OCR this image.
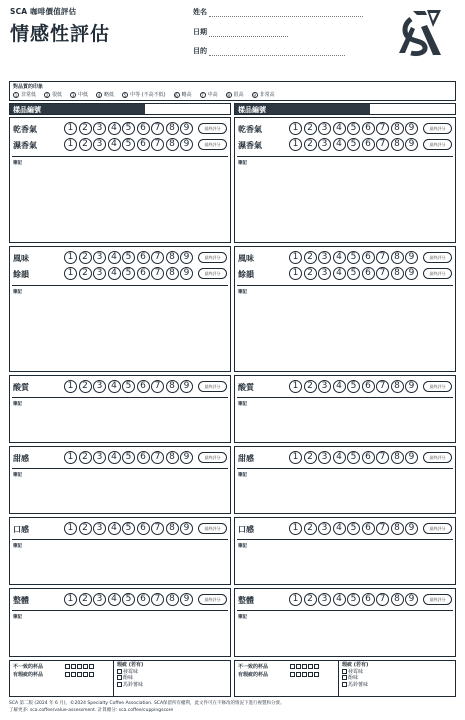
SCA 咖啡價值評估
情感性評估
姓名
日期
目的
對品質的印象
1 非常低	2 很低	3 中低	4 略低	5 中等 (不高不低)	6 略高	7 中高	8 很高	9 非常高
樣品編號
乾香氣	1 2 3 4 5 6 7 8 9	最終評分
濕香氣	1 2 3 4 5 6 7 8 9	最終評分
筆記
風味	1 2 3 4 5 6 7 8 9	最終評分
餘韻	1 2 3 4 5 6 7 8 9	最終評分
筆記
酸質	1 2 3 4 5 6 7 8 9	最終評分
筆記
甜感	1 2 3 4 5 6 7 8 9	最終評分
筆記
口感	1 2 3 4 5 6 7 8 9	最終評分
筆記
整體	1 2 3 4 5 6 7 8 9	最終評分
筆記
不一致的杯品
有瑕疵的杯品
瑕疵 (若有)
發霉味
酚味
馬鈴薯味
樣品編號
乾香氣	1 2 3 4 5 6 7 8 9	最終評分
濕香氣	1 2 3 4 5 6 7 8 9	最終評分
筆記
風味	1 2 3 4 5 6 7 8 9	最終評分
餘韻	1 2 3 4 5 6 7 8 9	最終評分
筆記
酸質	1 2 3 4 5 6 7 8 9	最終評分
筆記
甜感	1 2 3 4 5 6 7 8 9	最終評分
筆記
口感	1 2 3 4 5 6 7 8 9	最終評分
筆記
整體	1 2 3 4 5 6 7 8 9	最終評分
筆記
不一致的杯品
有瑕疵的杯品
瑕疵 (若有)
發霉味
酚味
馬鈴薯味
SCA 第二版 (2024 年 6 月)，©2024 Specialty Coffee Association. SCA保留所有權利，此文件可在不修改的情況下進行複製和分發。
了解更多: sca.coffee/value-assessment. 計算總分: sca.coffee/cuppingscore
